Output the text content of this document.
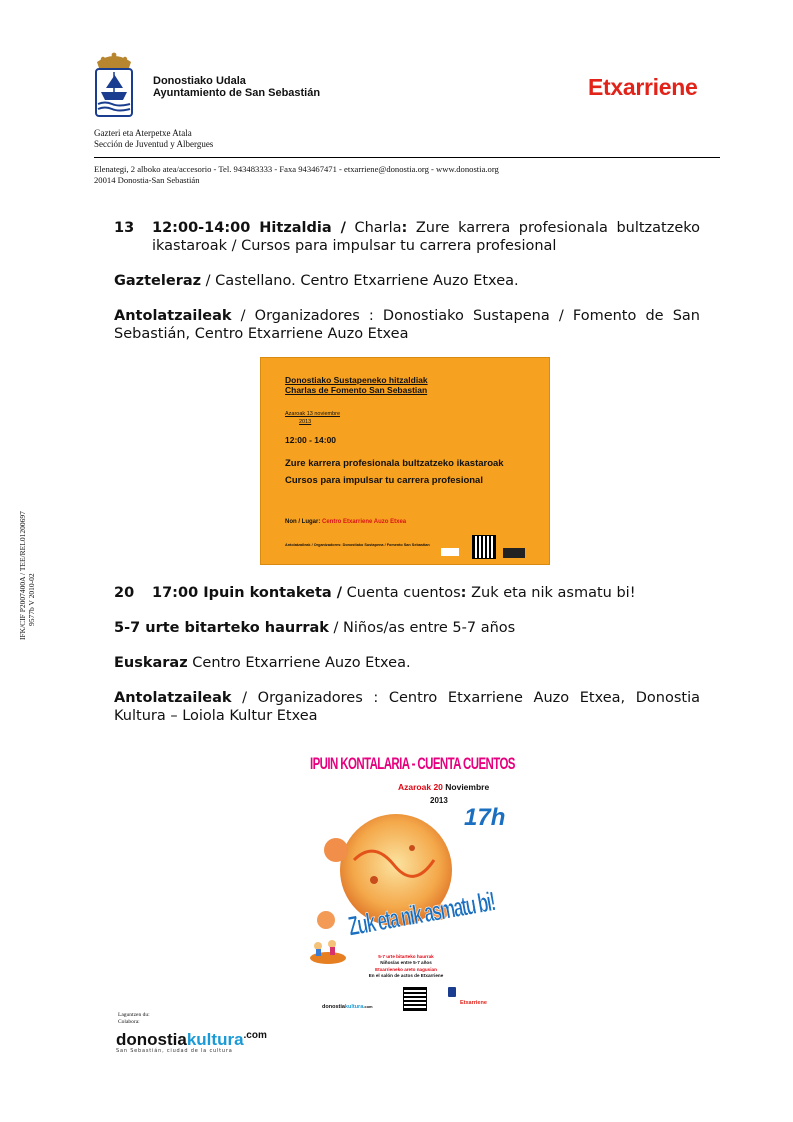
Donostiako Udala
Ayuntamiento de San Sebastián	Etxarriene
Gazteri eta Aterpetxe Atala
Sección de Juventud y Albergues
Elenategi, 2 alboko atea/accesorio - Tel. 943483333 - Faxa 943467471 - etxarriene@donostia.org - www.donostia.org
20014 Donostia-San Sebastián
IFK/CIF P2007400A / TEE/REL01200697 9577b V 2010-02
13	12:00-14:00 Hitzaldia / Charla: Zure karrera profesionala bultzatzeko ikastaroak / Cursos para impulsar tu carrera profesional
Gazteleraz / Castellano. Centro Etxarriene Auzo Etxea.
Antolatzaileak / Organizadores : Donostiako Sustapena / Fomento de San Sebastián, Centro Etxarriene Auzo Etxea
Donostiako Sustapeneko hitzaldiak
Charlas de Fomento San Sebastian
Azaroak 13 noviembre
2013
12:00 - 14:00
Zure karrera profesionala bultzatzeko ikastaroak
Cursos para impulsar tu carrera profesional
Non / Lugar: Centro Etxarriene Auzo Etxea
Antolatzaileak / Organizadores: Donostiako Sustapena / Fomento San Sebastian
20	17:00 Ipuin kontaketa / Cuenta cuentos: Zuk eta nik asmatu bi!
5-7 urte bitarteko haurrak / Niños/as entre 5-7 años
Euskaraz Centro Etxarriene Auzo Etxea.
Antolatzaileak / Organizadores : Centro Etxarriene Auzo Etxea, Donostia Kultura – Loiola Kultur Etxea
IPUIN KONTALARIA - CUENTA CUENTOS
Azaroak 20 Noviembre
2013
17h
Zuk eta nik asmatu bi!
5-7 urte bitarteko haurrak
Niños/as entre 5-7 años
Etxarrieneko areto nagusian
En el salón de actos de Etxarriene
donostiakultura$^{.com}$
Etxarriene
Laguntzen du:
Colabora:
donostiakultura$^{.com}$
San Sebastián, ciudad de la cultura
